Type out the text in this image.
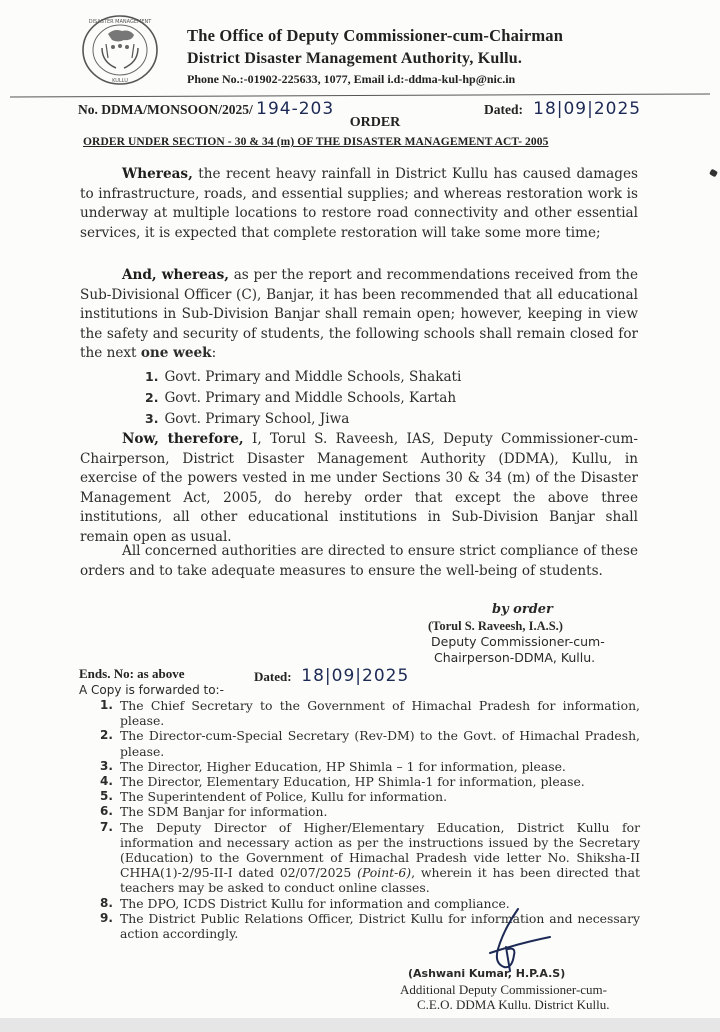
DISASTER MANAGEMENT
KULLU
The Office of Deputy Commissioner-cum-Chairman
District Disaster Management Authority, Kullu.
Phone No.:-01902-225633, 1077, Email i.d:-ddma-kul-hp@nic.in
No. DDMA/MONSOON/2025/ 194-203	Dated: 18|09|2025
ORDER
ORDER UNDER SECTION - 30 & 34 (m) OF THE DISASTER MANAGEMENT ACT- 2005
Whereas, the recent heavy rainfall in District Kullu has caused damages to infrastructure, roads, and essential supplies; and whereas restoration work is underway at multiple locations to restore road connectivity and other essential services, it is expected that complete restoration will take some more time;
And, whereas, as per the report and recommendations received from the Sub-Divisional Officer (C), Banjar, it has been recommended that all educational institutions in Sub-Division Banjar shall remain open; however, keeping in view the safety and security of students, the following schools shall remain closed for the next one week:
1. Govt. Primary and Middle Schools, Shakati
2. Govt. Primary and Middle Schools, Kartah
3. Govt. Primary School, Jiwa
Now, therefore, I, Torul S. Raveesh, IAS, Deputy Commissioner-cum-Chairperson, District Disaster Management Authority (DDMA), Kullu, in exercise of the powers vested in me under Sections 30 & 34 (m) of the Disaster Management Act, 2005, do hereby order that except the above three institutions, all other educational institutions in Sub-Division Banjar shall remain open as usual.
All concerned authorities are directed to ensure strict compliance of these orders and to take adequate measures to ensure the well-being of students.
by order
(Torul S. Raveesh, I.A.S.)
Deputy Commissioner-cum-
Chairperson-DDMA, Kullu.
Ends. No: as above	Dated: 18|09|2025
A Copy is forwarded to:-
1. The Chief Secretary to the Government of Himachal Pradesh for information, please.
2. The Director-cum-Special Secretary (Rev-DM) to the Govt. of Himachal Pradesh, please.
3. The Director, Higher Education, HP Shimla – 1 for information, please.
4. The Director, Elementary Education, HP Shimla-1 for information, please.
5. The Superintendent of Police, Kullu for information.
6. The SDM Banjar for information.
7. The Deputy Director of Higher/Elementary Education, District Kullu for information and necessary action as per the instructions issued by the Secretary (Education) to the Government of Himachal Pradesh vide letter No. Shiksha-II CHHA(1)-2/95-II-I dated 02/07/2025 (Point-6), wherein it has been directed that teachers may be asked to conduct online classes.
8. The DPO, ICDS District Kullu for information and compliance.
9. The District Public Relations Officer, District Kullu for information and necessary action accordingly.
(Ashwani Kumar, H.P.A.S)
Additional Deputy Commissioner-cum-
C.E.O. DDMA Kullu. District Kullu.
